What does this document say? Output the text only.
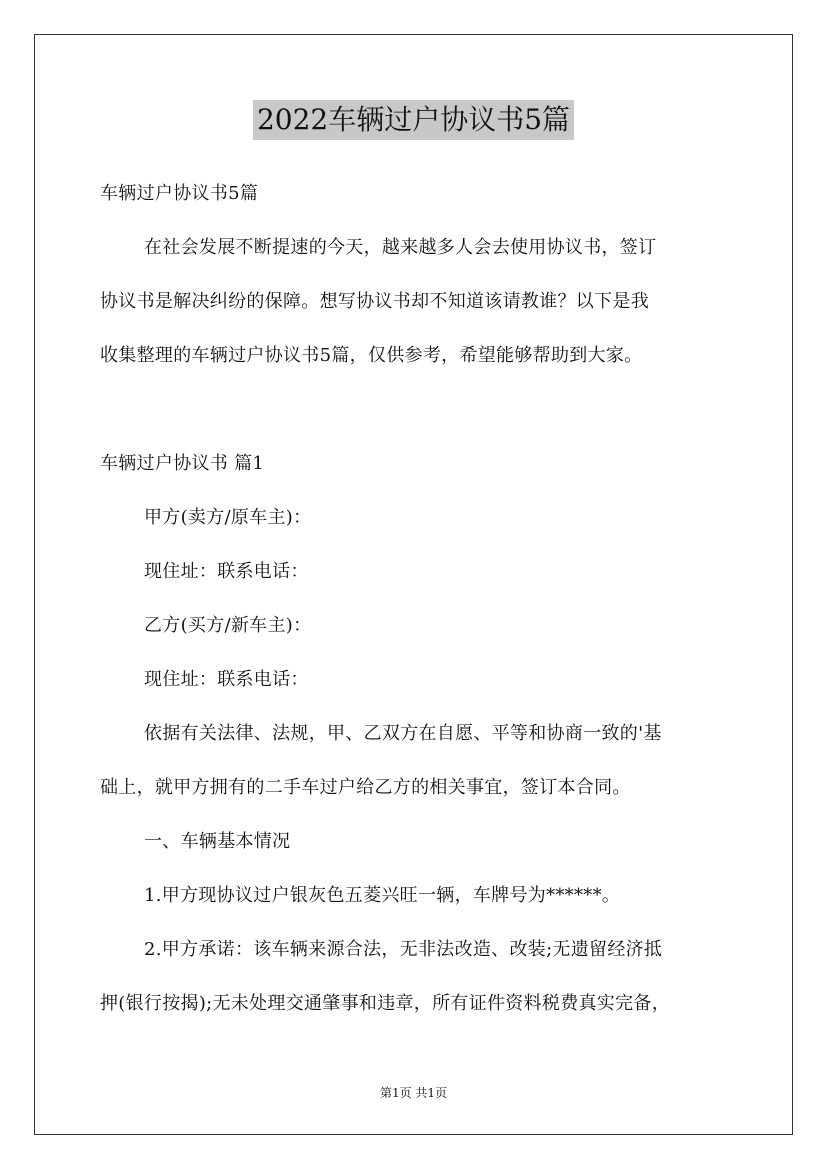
2022车辆过户协议书5篇
车辆过户协议书5篇
在社会发展不断提速的今天，越来越多人会去使用协议书，签订
协议书是解决纠纷的保障。想写协议书却不知道该请教谁？以下是我
收集整理的车辆过户协议书5篇，仅供参考，希望能够帮助到大家。
车辆过户协议书 篇1
甲方(卖方/原车主)：
现住址：联系电话：
乙方(买方/新车主)：
现住址：联系电话：
依据有关法律、法规，甲、乙双方在自愿、平等和协商一致的'基
础上，就甲方拥有的二手车过户给乙方的相关事宜，签订本合同。
一、车辆基本情况
1.甲方现协议过户银灰色五菱兴旺一辆，车牌号为******。
2.甲方承诺：该车辆来源合法，无非法改造、改装;无遗留经济抵
押(银行按揭);无未处理交通肇事和违章，所有证件资料税费真实完备，
第1页 共1页
